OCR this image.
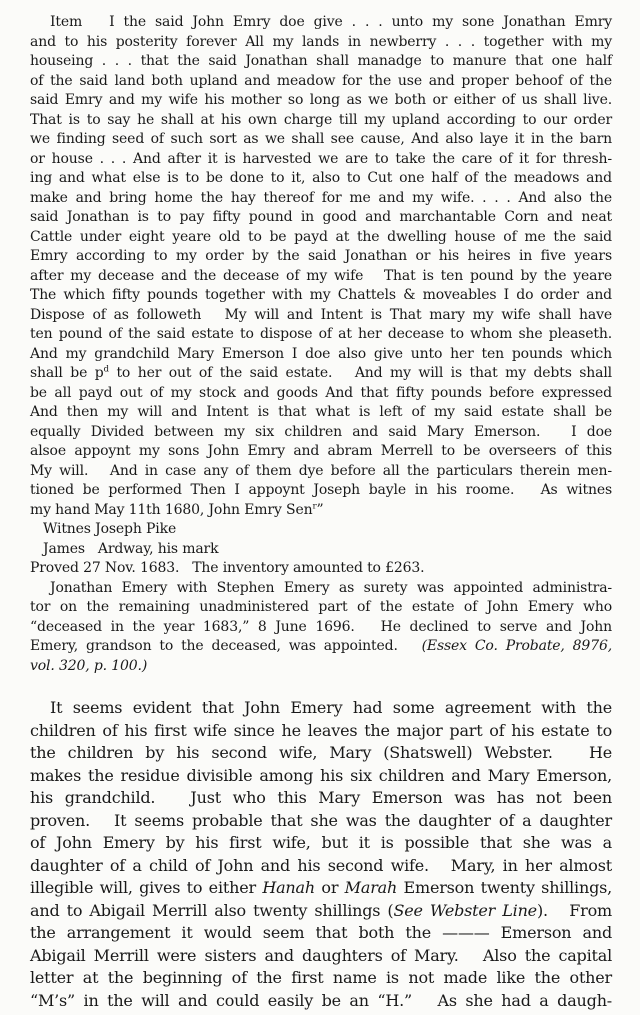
Item   I the said John Emry doe give . . . unto my sone Jonathan Emry
and to his posterity forever All my lands in newberry . . . together with my
houseing . . . that the said Jonathan shall manadge to manure that one half
of the said land both upland and meadow for the use and proper behoof of the
said Emry and my wife his mother so long as we both or either of us shall live.
That is to say he shall at his own charge till my upland according to our order
we finding seed of such sort as we shall see cause, And also laye it in the barn
or house . . . And after it is harvested we are to take the care of it for thresh-
ing and what else is to be done to it, also to Cut one half of the meadows and
make and bring home the hay thereof for me and my wife. . . . And also the
said Jonathan is to pay fifty pound in good and marchantable Corn and neat
Cattle under eight yeare old to be payd at the dwelling house of me the said
Emry according to my order by the said Jonathan or his heires in five years
after my decease and the decease of my wife   That is ten pound by the yeare
The which fifty pounds together with my Chattels & moveables I do order and
Dispose of as followeth   My will and Intent is That mary my wife shall have
ten pound of the said estate to dispose of at her decease to whom she pleaseth.
And my grandchild Mary Emerson I doe also give unto her ten pounds which
shall be $p^d$ to her out of the said estate.   And my will is that my debts shall
be all payd out of my stock and goods And that fifty pounds before expressed
And then my will and Intent is that what is left of my said estate shall be
equally Divided between my six children and said Mary Emerson.   I doe
alsoe appoynt my sons John Emry and abram Merrell to be overseers of this
My will.   And in case any of them dye before all the particulars therein men-
tioned be performed Then I appoynt Joseph bayle in his roome.   As witnes
my hand May 11th 1680, John Emry Sen$^r$”
Witnes Joseph Pike
James   Ardway, his mark
Proved 27 Nov. 1683.   The inventory amounted to £263.
Jonathan Emery with Stephen Emery as surety was appointed administra-
tor on the remaining unadministered part of the estate of John Emery who
“deceased in the year 1683,” 8 June 1696.   He declined to serve and John
Emery, grandson to the deceased, was appointed.   (Essex Co. Probate, 8976,
vol. 320, p. 100.)
It seems evident that John Emery had some agreement with the
children of his first wife since he leaves the major part of his estate to
the children by his second wife, Mary (Shatswell) Webster.   He
makes the residue divisible among his six children and Mary Emerson,
his grandchild.   Just who this Mary Emerson was has not been
proven.   It seems probable that she was the daughter of a daughter
of John Emery by his first wife, but it is possible that she was a
daughter of a child of John and his second wife.   Mary, in her almost
illegible will, gives to either Hanah or Marah Emerson twenty shillings,
and to Abigail Merrill also twenty shillings (See Webster Line).   From
the arrangement it would seem that both the ——— Emerson and
Abigail Merrill were sisters and daughters of Mary.   Also the capital
letter at the beginning of the first name is not made like the other
“M’s” in the will and could easily be an “H.”   As she had a daugh-
